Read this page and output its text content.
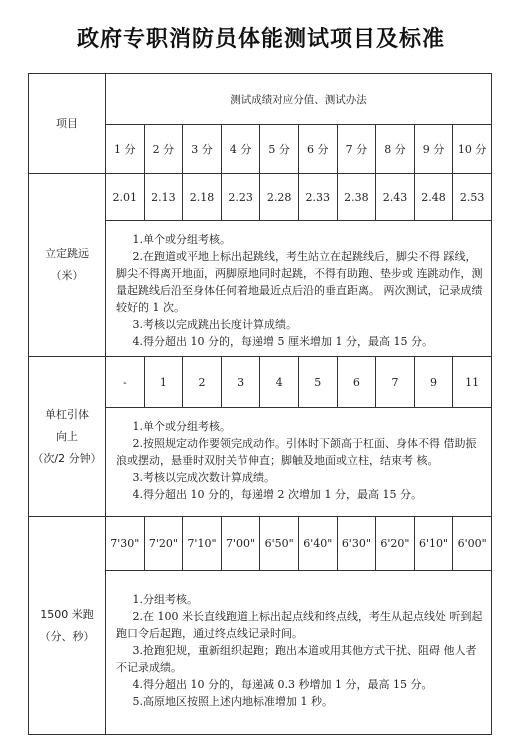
政府专职消防员体能测试项目及标准
项目	测试成绩对应分值、测试办法									
	1 分	2 分	3 分	4 分	5 分	6 分	7 分	8 分	9 分	10 分

立定跳远
（米）	2.01	2.13	2.18	2.23	2.28	2.33	2.38	2.43	2.48	2.53

	1.单个或分组考核。

2.在跑道或平地上标出起跳线，考生站立在起跳线后，脚尖不得 踩线，脚尖不得离开地面，两脚原地同时起跳，不得有助跑、垫步或 连跳动作，测量起跳线后沿至身体任何着地最近点后沿的垂直距离。 两次测试，记录成绩较好的 1 次。

3.考核以完成跳出长度计算成绩。

4.得分超出 10 分的，每递增 5 厘米增加 1 分，最高 15 分。									

单杠引体向上
（次/2 分钟）	-	1	2	3	4	5	6	7	9	11

	1.单个或分组考核。

2.按照规定动作要领完成动作。引体时下颌高于杠面、身体不得 借助振浪或摆动，悬垂时双肘关节伸直；脚触及地面或立柱，结束考 核。

3.考核以完成次数计算成绩。

4.得分超出 10 分的，每递增 2 次增加 1 分，最高 15 分。									

1500 米跑
（分、秒）	7'30"	7'20"	7'10"	7'00"	6'50"	6'40"	6'30"	6'20"	6'10"	6'00"

	1.分组考核。

2.在 100 米长直线跑道上标出起点线和终点线，考生从起点线处 听到起跑口令后起跑，通过终点线记录时间。

3.抢跑犯规，重新组织起跑；跑出本道或用其他方式干扰、阻碍 他人者不记录成绩。

4.得分超出 10 分的，每递减 0.3 秒增加 1 分，最高 15 分。

5.高原地区按照上述内地标准增加 1 秒。									
